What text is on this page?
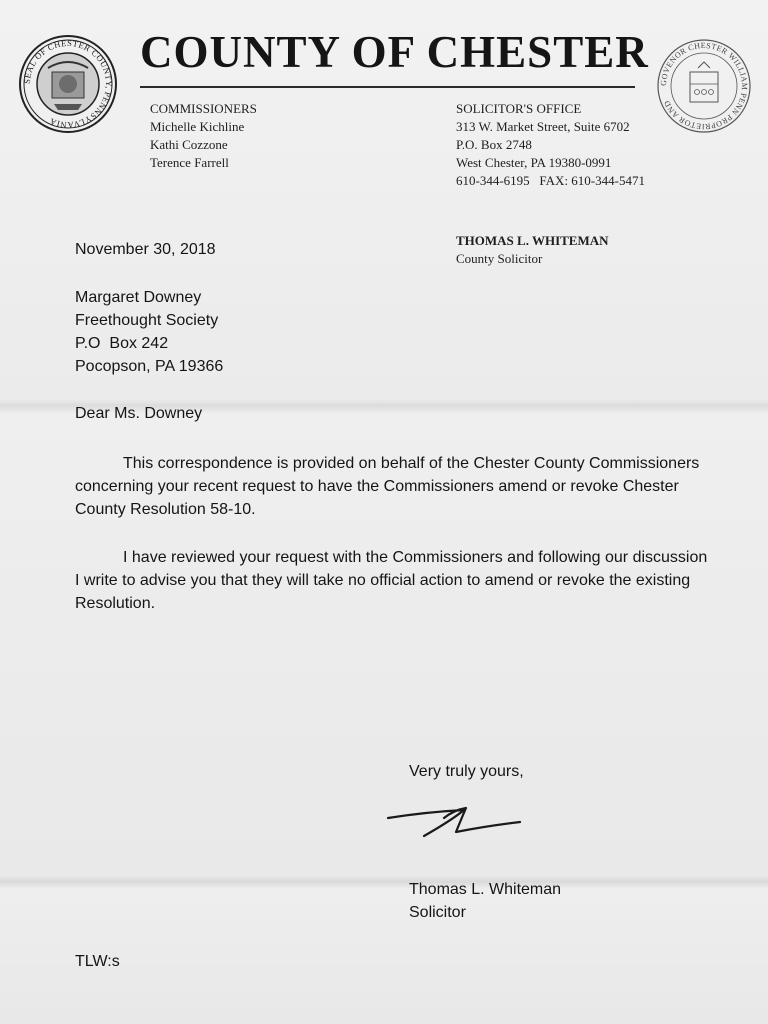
SEAL OF CHESTER COUNTY, PENNSYLVANIA
GOVENOR CHESTER WILLIAM PENN PROPRIETOR AND
COUNTY OF CHESTER
COMMISSIONERS
Michelle Kichline
Kathi Cozzone
Terence Farrell
SOLICITOR'S OFFICE
313 W. Market Street, Suite 6702
P.O. Box 2748
West Chester, PA 19380-0991
610-344-6195   FAX: 610-344-5471
THOMAS L. WHITEMAN
County Solicitor
November 30, 2018
Margaret Downey
Freethought Society
P.O  Box 242
Pocopson, PA 19366
Dear Ms. Downey
This correspondence is provided on behalf of the Chester County Commissioners concerning your recent request to have the Commissioners amend or revoke Chester County Resolution 58-10.
I have reviewed your request with the Commissioners and following our discussion I write to advise you that they will take no official action to amend or revoke the existing Resolution.
Very truly yours,
Thomas L. Whiteman
Solicitor
TLW:s
